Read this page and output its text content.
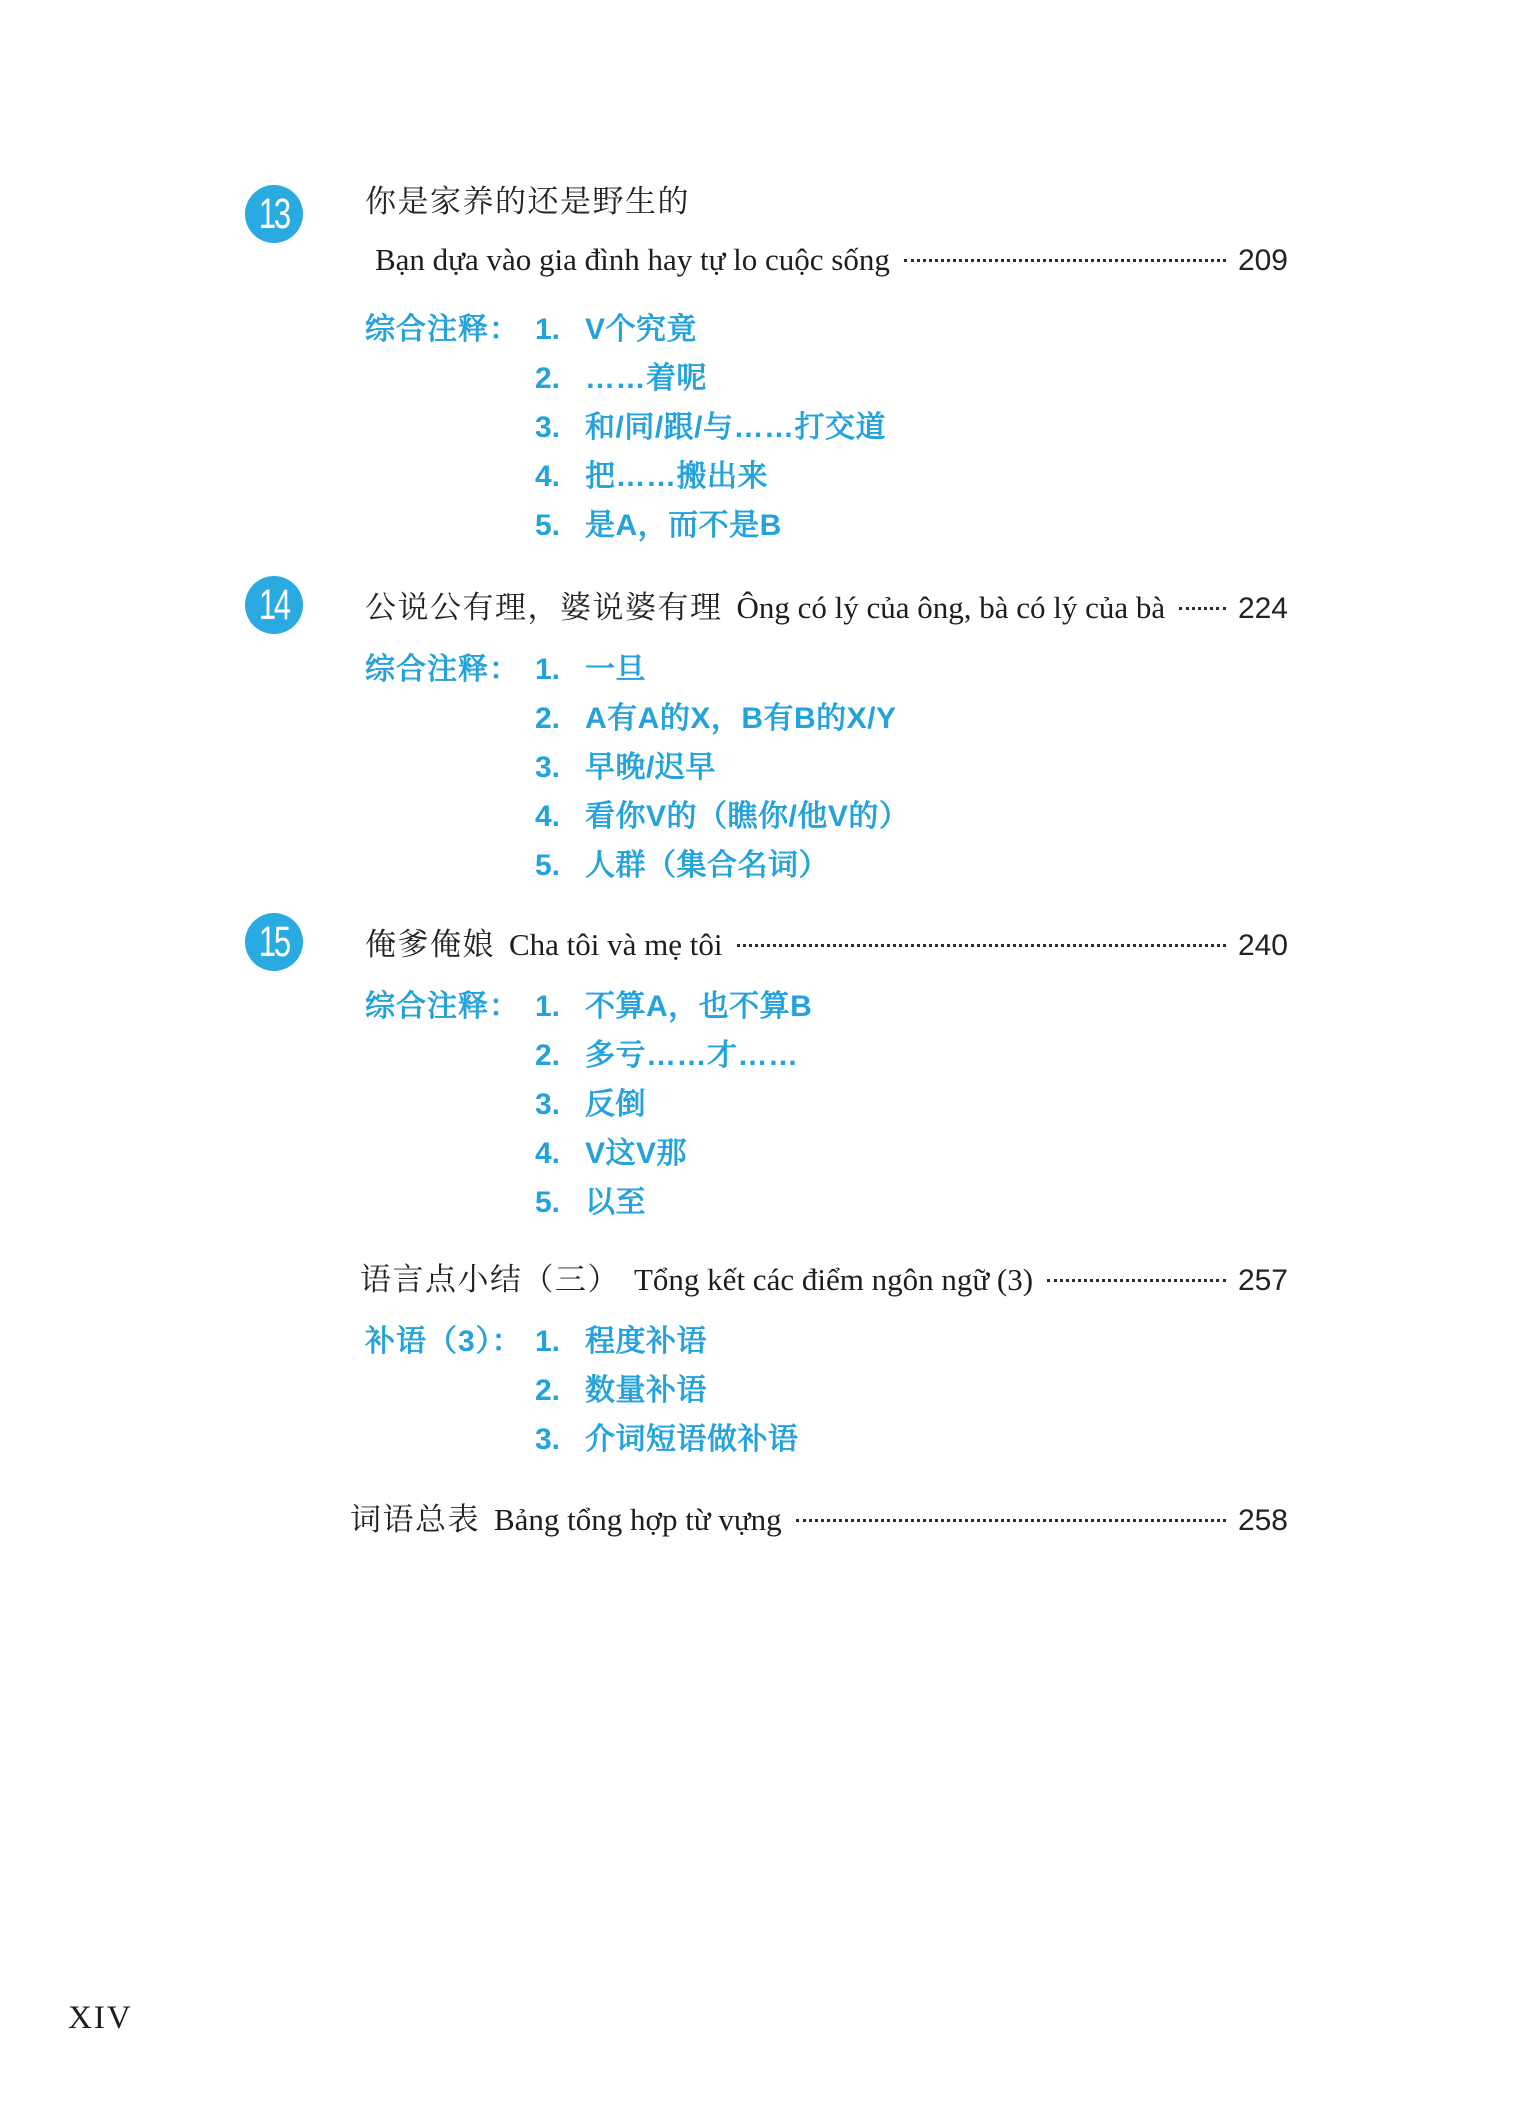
13 你是家养的还是野生的
Bạn dựa vào gia đình hay tự lo cuộc sống	209
综合注释： 1. V个究竟
2. ……着呢
3. 和/同/跟/与……打交道
4. 把……搬出来
5. 是A，而不是B
14 公说公有理，婆说婆有理 Ông có lý của ông, bà có lý của bà 224
综合注释： 1. 一旦
2. A有A的X，B有B的X/Y
3. 早晚/迟早
4. 看你V的（瞧你/他V的）
5. 人群（集合名词）
15 俺爹俺娘 Cha tôi và mẹ tôi	240
综合注释： 1. 不算A，也不算B
2. 多亏……才……
3. 反倒
4. V这V那
5. 以至
语言点小结（三） Tổng kết các điểm ngôn ngữ (3)	257
补语（3）： 1. 程度补语
2. 数量补语
3. 介词短语做补语
词语总表 Bảng tổng hợp từ vựng	258
XIV
